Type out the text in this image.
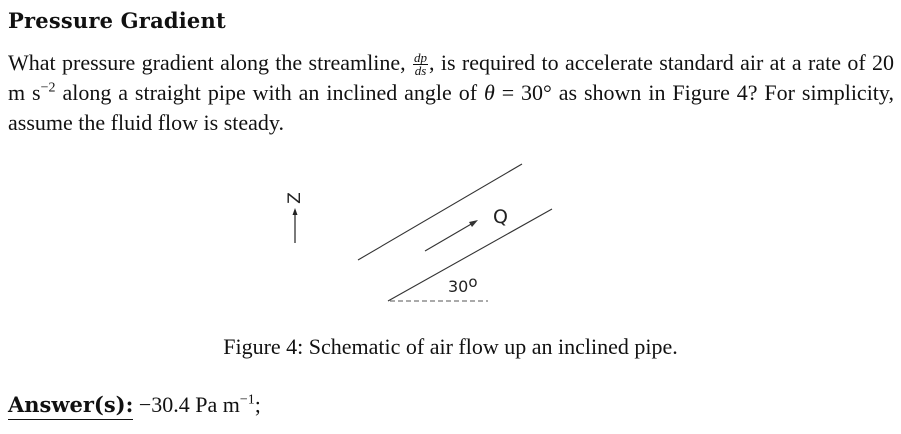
Pressure Gradient
What pressure gradient along the streamline, $\frac{dp}{ds}$ , is required to accelerate standard air at a rate of 20 m $s^{-2}$ along a straight pipe with an inclined angle of θ = 30° as shown in Figure 4? For simplicity, assume the fluid flow is steady.
Z
Q
30o
Figure 4: Schematic of air flow up an inclined pipe.
Answer(s): −30.4 Pa $m^{-1}$;
